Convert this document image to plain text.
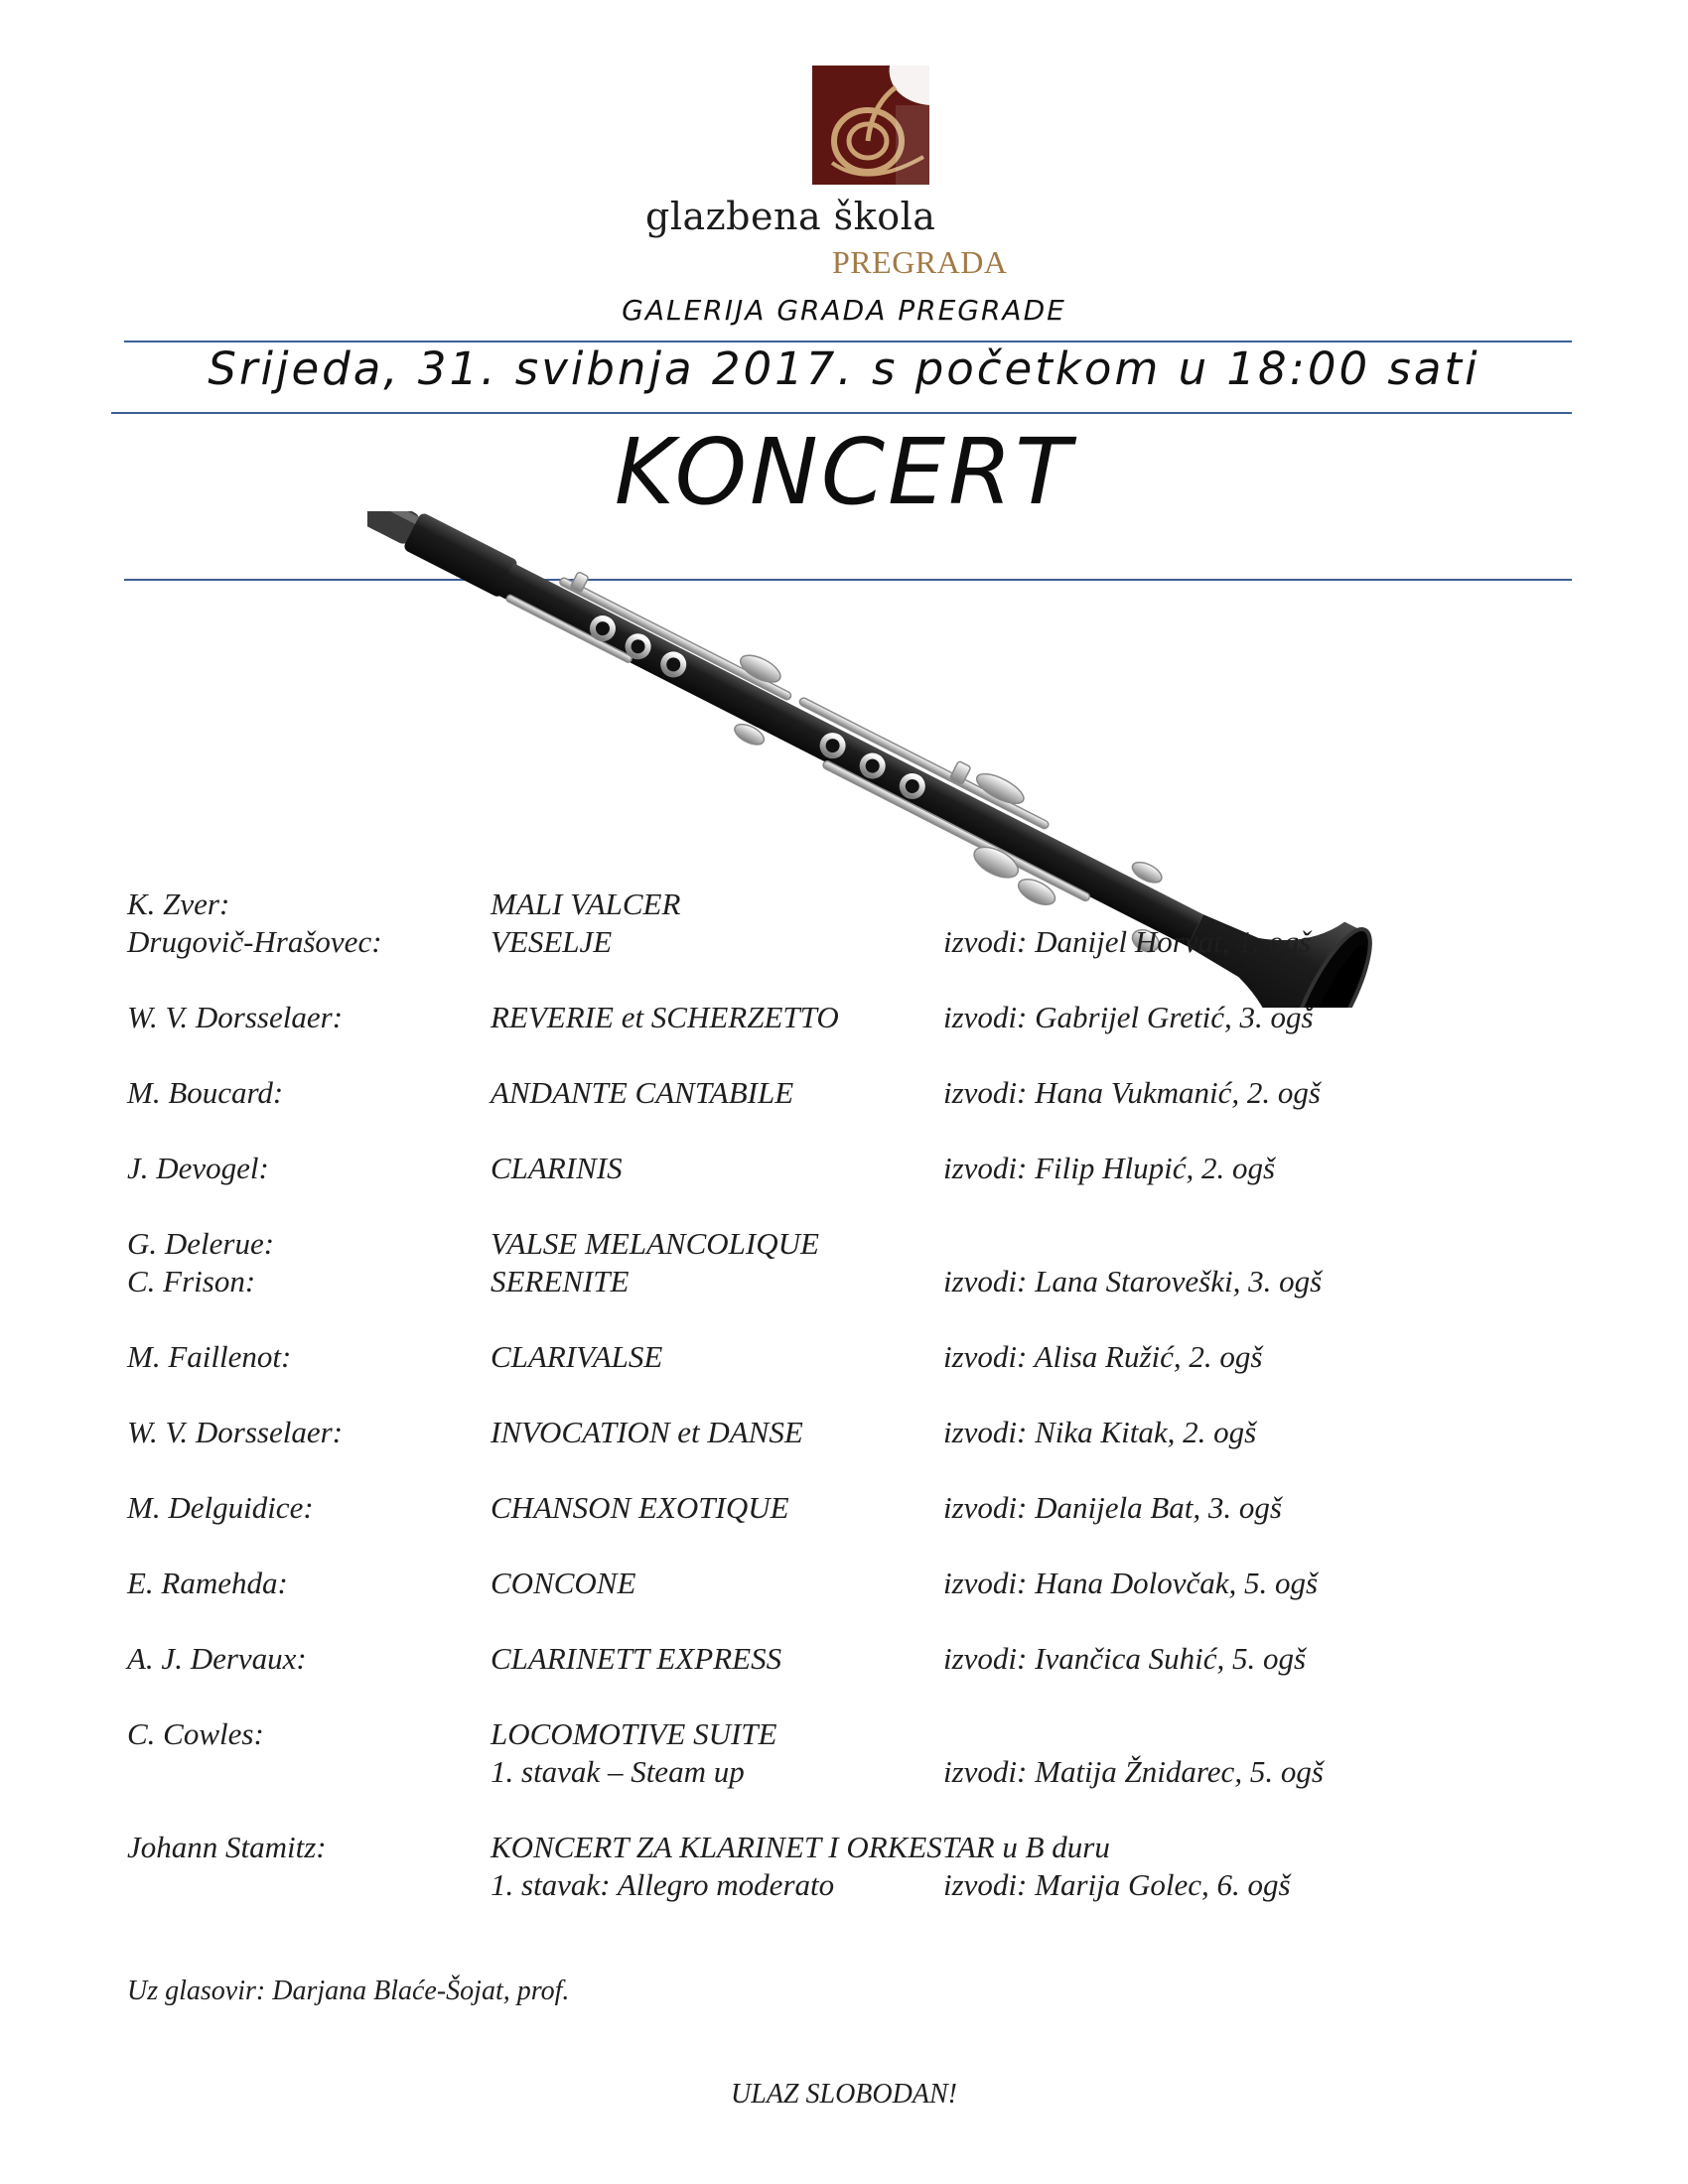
glazbena škola
PREGRADA
GALERIJA GRADA PREGRADE
Srijeda, 31. svibnja 2017. s početkom u 18:00 sati
KONCERT
K. Zver:	MALI VALCER
Drugovič-Hrašovec:	VESELJE	izvodi: Danijel Horvat, 1. ogš
W. V. Dorsselaer:	REVERIE et SCHERZETTO	izvodi: Gabrijel Gretić, 3. ogš
M. Boucard:	ANDANTE CANTABILE	izvodi: Hana Vukmanić, 2. ogš
J. Devogel:	CLARINIS	izvodi: Filip Hlupić, 2. ogš
G. Delerue:	VALSE MELANCOLIQUE
C. Frison:	SERENITE	izvodi: Lana Staroveški, 3. ogš
M. Faillenot:	CLARIVALSE	izvodi: Alisa Ružić, 2. ogš
W. V. Dorsselaer:	INVOCATION et DANSE	izvodi: Nika Kitak, 2. ogš
M. Delguidice:	CHANSON EXOTIQUE	izvodi: Danijela Bat, 3. ogš
E. Ramehda:	CONCONE	izvodi: Hana Dolovčak, 5. ogš
A. J. Dervaux:	CLARINETT EXPRESS	izvodi: Ivančica Suhić, 5. ogš
C. Cowles:	LOCOMOTIVE SUITE
1. stavak – Steam up	izvodi: Matija Žnidarec, 5. ogš
Johann Stamitz:	KONCERT ZA KLARINET I ORKESTAR u B duru
1. stavak: Allegro moderato	izvodi: Marija Golec, 6. ogš
Uz glasovir: Darjana Blaće-Šojat, prof.
ULAZ SLOBODAN!
